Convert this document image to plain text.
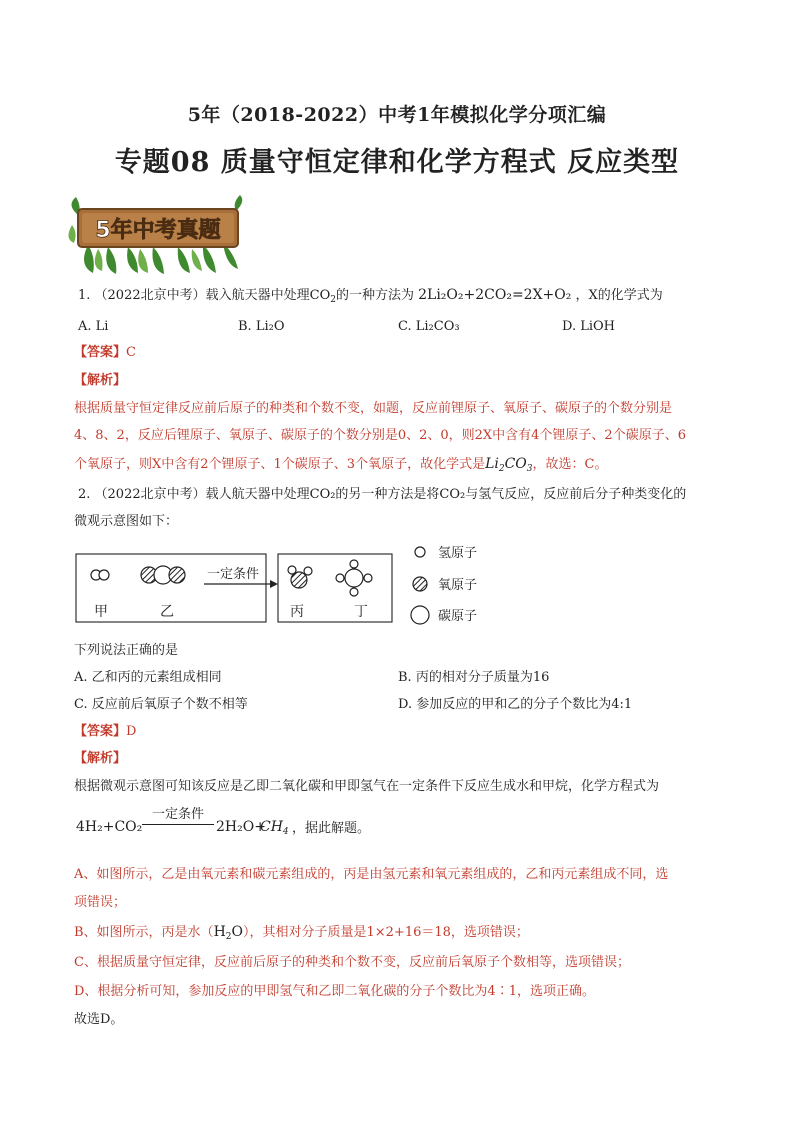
5年（2018-2022）中考1年模拟化学分项汇编
专题08 质量守恒定律和化学方程式 反应类型
5年中考真题
1. （2022北京中考）载入航天器中处理$CO_2$的一种方法为 2Li₂O₂+2CO₂=2X+O₂ ，X的化学式为
A. Li	B. Li₂O	C. Li₂CO₃	D. LiOH
【答案】C
【解析】
根据质量守恒定律反应前后原子的种类和个数不变，如题，反应前锂原子、氧原子、碳原子的个数分别是
4、8、2，反应后锂原子、氧原子、碳原子的个数分别是0、2、0，则2X中含有4个锂原子、2个碳原子、6
个氧原子，则X中含有2个锂原子、1个碳原子、3个氧原子，故化学式是$Li_2CO_3$，故选：C。
2. （2022北京中考）载人航天器中处理CO₂的另一种方法是将CO₂与氢气反应，反应前后分子种类变化的
微观示意图如下：
甲	乙
一定条件
丙	丁
氢原子
氧原子
碳原子
下列说法正确的是
A. 乙和丙的元素组成相同	B. 丙的相对分子质量为16
C. 反应前后氧原子个数不相等	D. 参加反应的甲和乙的分子个数比为4:1
【答案】D
【解析】
根据微观示意图可知该反应是乙即二氧化碳和甲即氢气在一定条件下反应生成水和甲烷，化学方程式为
4H₂+CO₂
一定条件
2H₂O+
$CH_4$ ，据此解题。
A、如图所示，乙是由氧元素和碳元素组成的，丙是由氢元素和氧元素组成的，乙和丙元素组成不同，选
项错误；
B、如图所示，丙是水$(H_2O)$，其相对分子质量是1×2+16＝18，选项错误；
C、根据质量守恒定律，反应前后原子的种类和个数不变，反应前后氧原子个数相等，选项错误；
D、根据分析可知，参加反应的甲即氢气和乙即二氧化碳的分子个数比为4∶1，选项正确。
故选D。
